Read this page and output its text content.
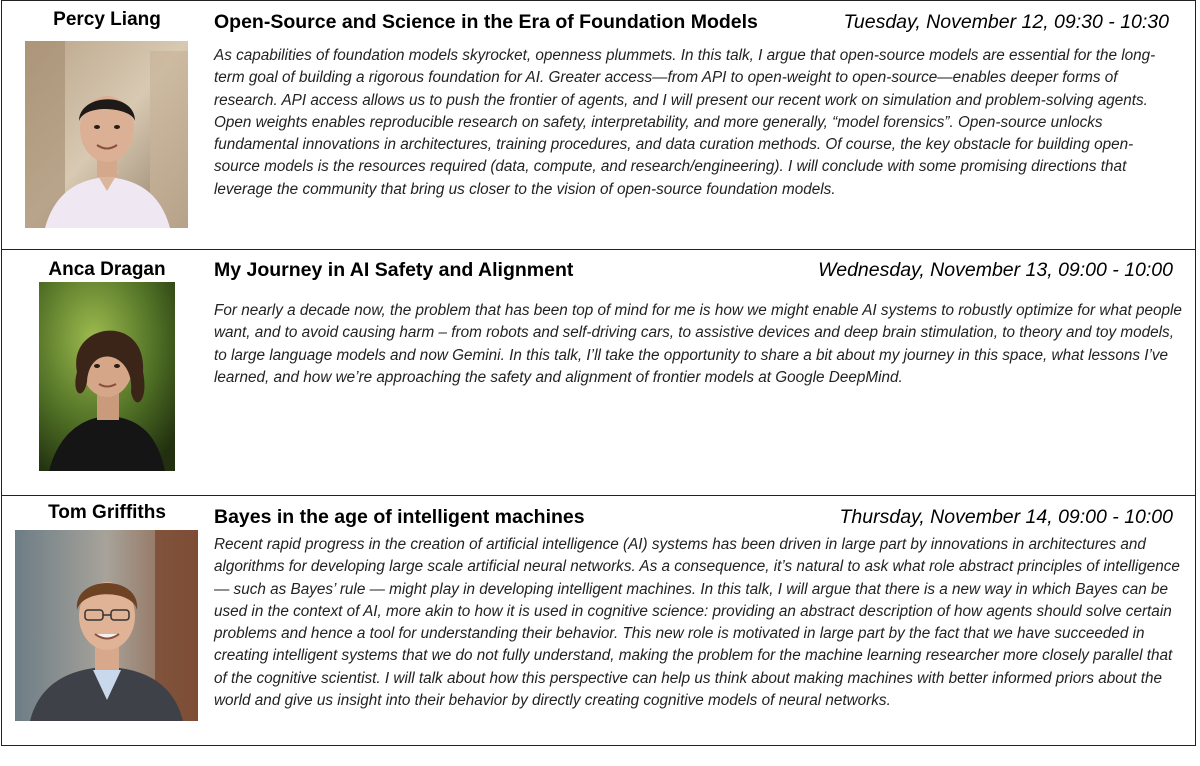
Percy Liang	Open-Source and Science in the Era of Foundation Models	Tuesday, November 12, 09:30 - 10:30
As capabilities of foundation models skyrocket, openness plummets. In this talk, I argue that open-source models are essential for the long-term goal of building a rigorous foundation for AI. Greater access—from API to open-weight to open-source—enables deeper forms of research. API access allows us to push the frontier of agents, and I will present our recent work on simulation and problem-solving agents. Open weights enables reproducible research on safety, interpretability, and more generally, “model forensics”. Open-source unlocks fundamental innovations in architectures, training procedures, and data curation methods. Of course, the key obstacle for building open-source models is the resources required (data, compute, and research/engineering). I will conclude with some promising directions that leverage the community that bring us closer to the vision of open-source foundation models.
Anca Dragan	My Journey in AI Safety and Alignment	Wednesday, November 13, 09:00 - 10:00
For nearly a decade now, the problem that has been top of mind for me is how we might enable AI systems to robustly optimize for what people want, and to avoid causing harm – from robots and self-driving cars, to assistive devices and deep brain stimulation, to theory and toy models, to large language models and now Gemini. In this talk, I’ll take the opportunity to share a bit about my journey in this space, what lessons I’ve learned, and how we’re approaching the safety and alignment of frontier models at Google DeepMind.
Tom Griffiths	Bayes in the age of intelligent machines	Thursday, November 14, 09:00 - 10:00
Recent rapid progress in the creation of artificial intelligence (AI) systems has been driven in large part by innovations in architectures and algorithms for developing large scale artificial neural networks. As a consequence, it’s natural to ask what role abstract principles of intelligence — such as Bayes’ rule — might play in developing intelligent machines. In this talk, I will argue that there is a new way in which Bayes can be used in the context of AI, more akin to how it is used in cognitive science: providing an abstract description of how agents should solve certain problems and hence a tool for understanding their behavior. This new role is motivated in large part by the fact that we have succeeded in creating intelligent systems that we do not fully understand, making the problem for the machine learning researcher more closely parallel that of the cognitive scientist. I will talk about how this perspective can help us think about making machines with better informed priors about the world and give us insight into their behavior by directly creating cognitive models of neural networks.
